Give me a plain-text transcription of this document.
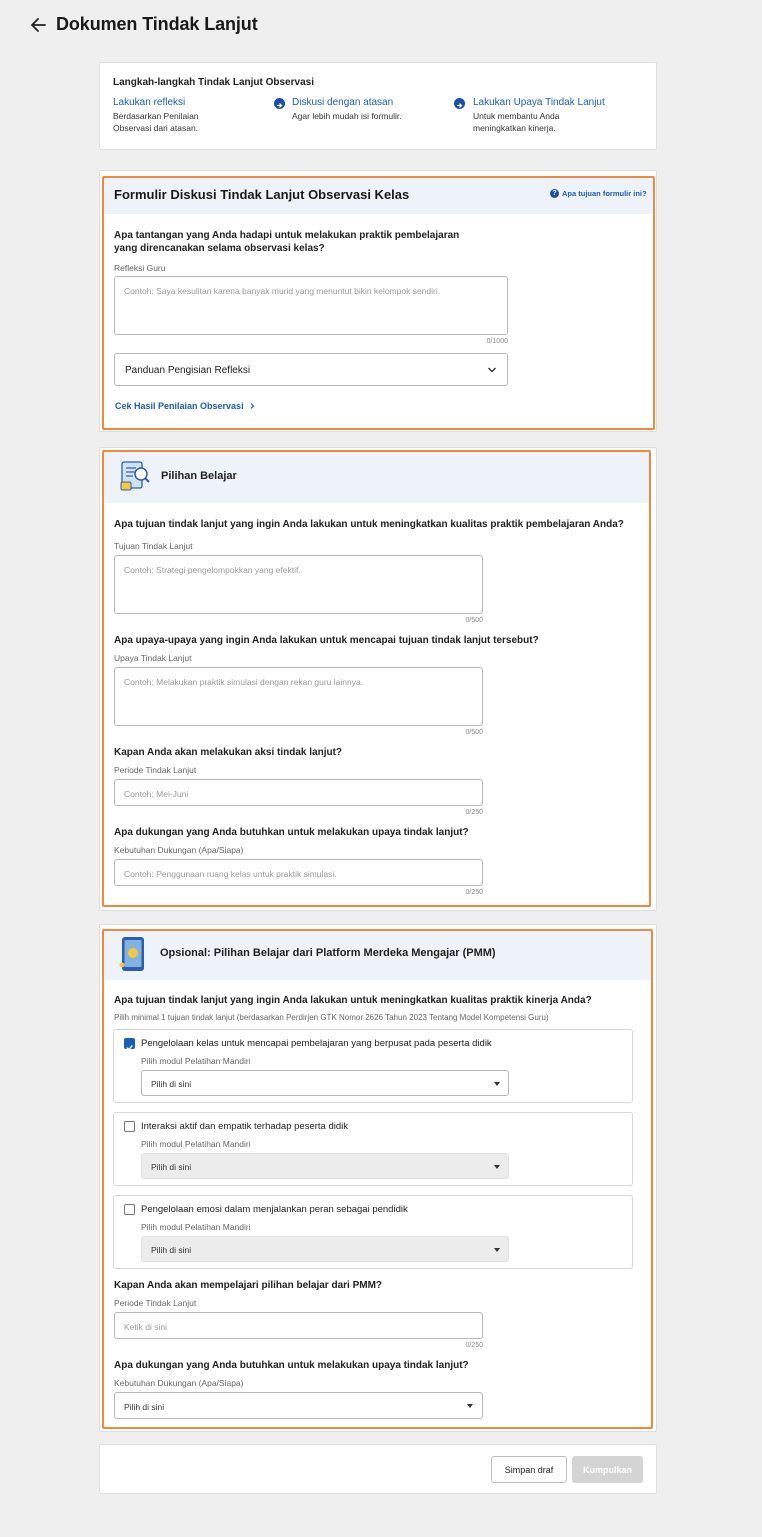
Dokumen Tindak Lanjut
Langkah-langkah Tindak Lanjut Observasi
Lakukan refleksi
Berdasarkan Penilaian
Observasi dari atasan.
Diskusi dengan atasan
Agar lebih mudah isi formulir.
Lakukan Upaya Tindak Lanjut
Untuk membantu Anda
meningkatkan kinerja.
Formulir Diskusi Tindak Lanjut Observasi Kelas	? Apa tujuan formulir ini?
Apa tantangan yang Anda hadapi untuk melakukan praktik pembelajaran
yang direncanakan selama observasi kelas?
Refleksi Guru
Contoh: Saya kesulitan karena banyak murid yang menuntut bikin kelompok sendiri.
0/1000
Panduan Pengisian Refleksi
Cek Hasil Penilaian Observasi
Pilihan Belajar
Apa tujuan tindak lanjut yang ingin Anda lakukan untuk meningkatkan kualitas praktik pembelajaran Anda?
Tujuan Tindak Lanjut
Contoh: Strategi pengelompokkan yang efektif.
0/500
Apa upaya-upaya yang ingin Anda lakukan untuk mencapai tujuan tindak lanjut tersebut?
Upaya Tindak Lanjut
Contoh: Melakukan praktik simulasi dengan rekan guru lainnya.
0/500
Kapan Anda akan melakukan aksi tindak lanjut?
Periode Tindak Lanjut
Contoh: Mei-Juni
0/250
Apa dukungan yang Anda butuhkan untuk melakukan upaya tindak lanjut?
Kebutuhan Dukungan (Apa/Siapa)
Contoh: Penggunaan ruang kelas untuk praktik simulasi.
0/250
Opsional: Pilihan Belajar dari Platform Merdeka Mengajar (PMM)
Apa tujuan tindak lanjut yang ingin Anda lakukan untuk meningkatkan kualitas praktik kinerja Anda?
Pilih minimal 1 tujuan tindak lanjut (berdasarkan Perdirjen GTK Nomor 2626 Tahun 2023 Tentang Model Kompetensi Guru)
Pengelolaan kelas untuk mencapai pembelajaran yang berpusat pada peserta didik
Pilih modul Pelatihan Mandiri
Pilih di sini
Interaksi aktif dan empatik terhadap peserta didik
Pilih modul Pelatihan Mandiri
Pilih di sini
Pengelolaan emosi dalam menjalankan peran sebagai pendidik
Pilih modul Pelatihan Mandiri
Pilih di sini
Kapan Anda akan mempelajari pilihan belajar dari PMM?
Periode Tindak Lanjut
Ketik di sini
0/250
Apa dukungan yang Anda butuhkan untuk melakukan upaya tindak lanjut?
Kebutuhan Dukungan (Apa/Siapa)
Pilih di sini
Simpan draf	Kumpulkan
